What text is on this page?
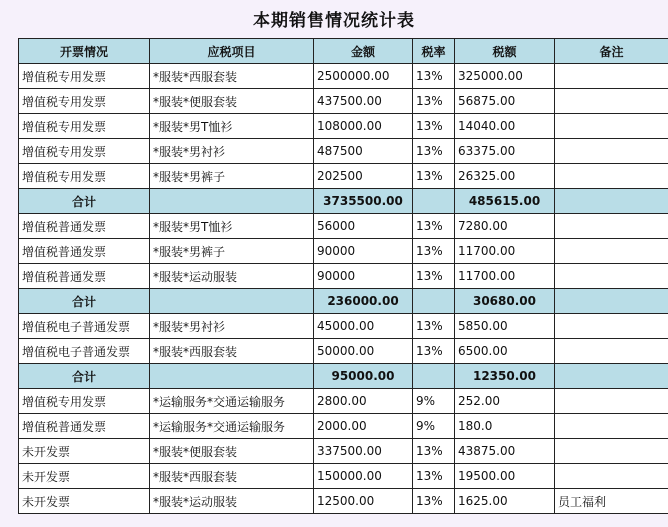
本期销售情况统计表
开票情况	应税项目	金额	税率	税额	备注
增值税专用发票	*服装*西服套装	2500000.00	13%	325000.00	
增值税专用发票	*服装*便服套装	437500.00	13%	56875.00	
增值税专用发票	*服装*男T恤衫	108000.00	13%	14040.00	
增值税专用发票	*服装*男衬衫	487500	13%	63375.00	
增值税专用发票	*服装*男裤子	202500	13%	26325.00	
合计		3735500.00		485615.00	
增值税普通发票	*服装*男T恤衫	56000	13%	7280.00	
增值税普通发票	*服装*男裤子	90000	13%	11700.00	
增值税普通发票	*服装*运动服装	90000	13%	11700.00	
合计		236000.00		30680.00	
增值税电子普通发票	*服装*男衬衫	45000.00	13%	5850.00	
增值税电子普通发票	*服装*西服套装	50000.00	13%	6500.00	
合计		95000.00		12350.00	
增值税专用发票	*运输服务*交通运输服务	2800.00	9%	252.00	
增值税普通发票	*运输服务*交通运输服务	2000.00	9%	180.0	
未开发票	*服装*便服套装	337500.00	13%	43875.00	
未开发票	*服装*西服套装	150000.00	13%	19500.00	
未开发票	*服装*运动服装	12500.00	13%	1625.00	员工福利
